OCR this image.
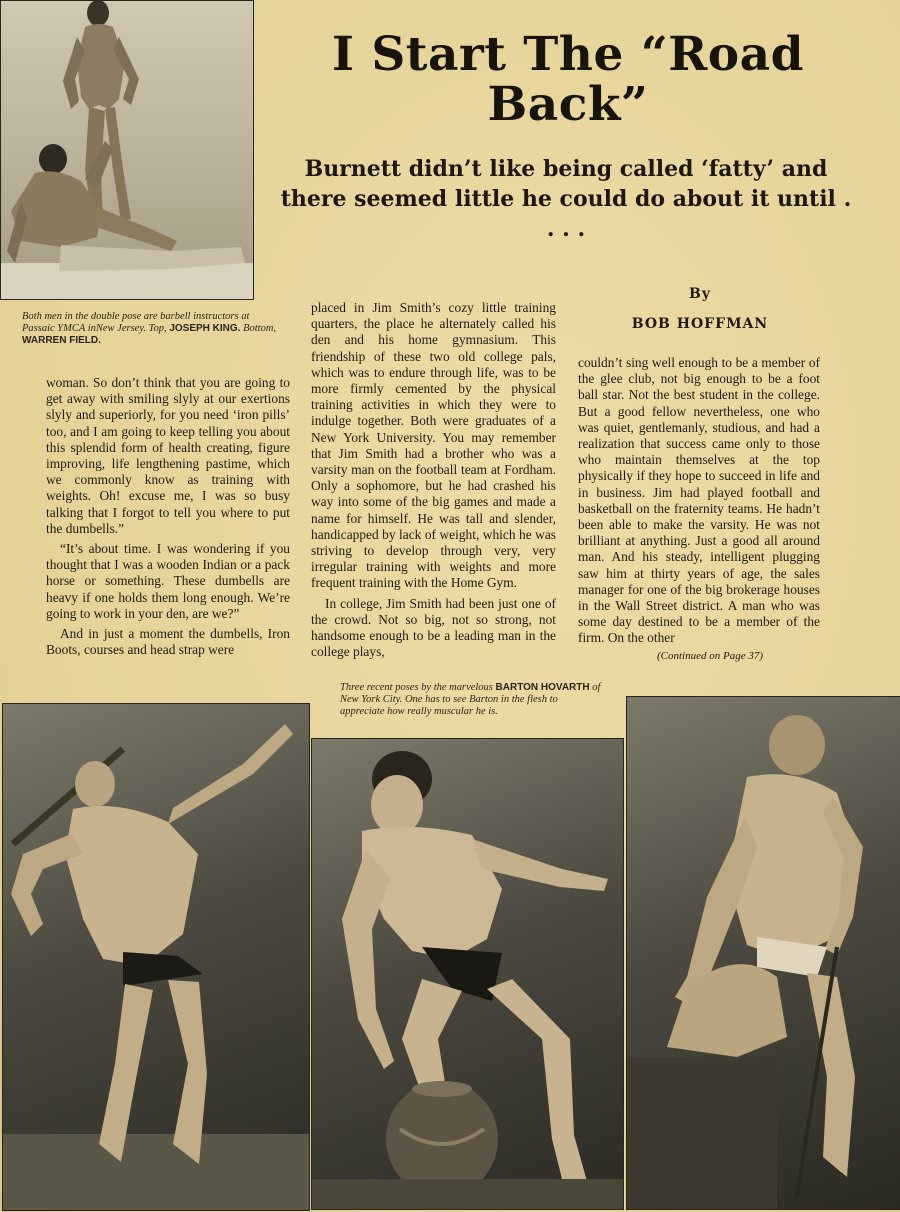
I Start The “Road Back”
Burnett didn’t like being called ‘fatty’ and there seemed little he could do about it until . . . .
By
BOB HOFFMAN
Both men in the double pose are barbell instructors at Passaic YMCA inNew Jersey. Top, JOSEPH KING. Bottom, WARREN FIELD.

woman. So don’t think that you are going to get away with smiling slyly at our exertions slyly and superiorly, for you need ‘iron pills’ too, and I am going to keep telling you about this splendid form of health creating, figure improving, life lengthening pastime, which we commonly know as training with weights. Oh! excuse me, I was so busy talking that I forgot to tell you where to put the dumbells.”

“It’s about time. I was wondering if you thought that I was a wooden Indian or a pack horse or something. These dumbells are heavy if one holds them long enough. We’re going to work in your den, are we?”

And in just a moment the dumbells, Iron Boots, courses and head strap were

placed in Jim Smith’s cozy little training quarters, the place he alternately called his den and his home gymnasium. This friendship of these two old college pals, which was to endure through life, was to be more firmly cemented by the physical training activities in which they were to indulge together. Both were graduates of a New York University. You may remember that Jim Smith had a brother who was a varsity man on the football team at Fordham. Only a sophomore, but he had crashed his way into some of the big games and made a name for himself. He was tall and slender, handicapped by lack of weight, which he was striving to develop through very, very irregular training with weights and more frequent training with the Home Gym.

In college, Jim Smith had been just one of the crowd. Not so big, not so strong, not handsome enough to be a leading man in the college plays,

couldn’t sing well enough to be a member of the glee club, not big enough to be a foot ball star. Not the best student in the college. But a good fellow nevertheless, one who was quiet, gentlemanly, studious, and had a realization that success came only to those who maintain themselves at the top physically if they hope to succeed in life and in business. Jim had played football and basketball on the fraternity teams. He hadn’t been able to make the varsity. He was not brilliant at anything. Just a good all around man. And his steady, intelligent plugging saw him at thirty years of age, the sales manager for one of the big brokerage houses in the Wall Street district. A man who was some day destined to be a member of the firm. On the other

(Continued on Page 37)
Three recent poses by the marvelous BARTON HOVARTH of New York City. One has to see Barton in the flesh to appreciate how really muscular he is.
